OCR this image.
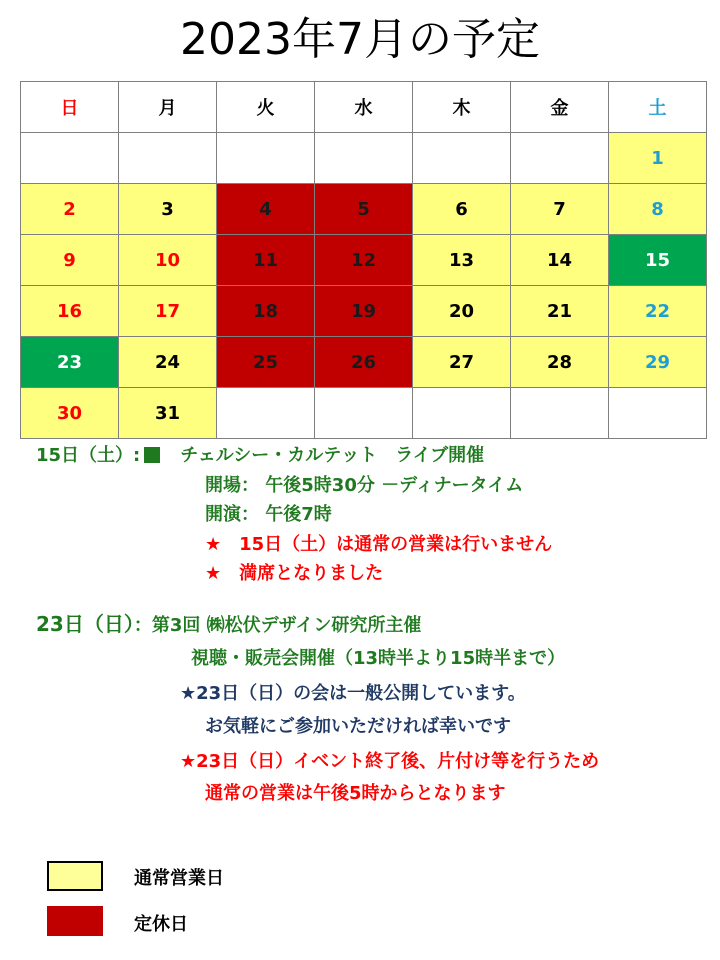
2023年7月の予定
日	月	火	水	木	金	土
						1
2	3	4	5	6	7	8
9	10	11	12	13	14	15
16	17	18	19	20	21	22
23	24	25	26	27	28	29
30	31					
15日（土）: チェルシー・カルテット　ライブ開催
開場： 午後5時30分 －ディナータイム
開演： 午後7時
★　15日（土）は通常の営業は行いません
★　満席となりました
23日（日）：第3回 ㈱松伏デザイン研究所主催
視聴・販売会開催（13時半より15時半まで）
★23日（日）の会は一般公開しています。
お気軽にご参加いただければ幸いです
★23日（日）イベント終了後、片付け等を行うため
通常の営業は午後5時からとなります
通常営業日
定休日
